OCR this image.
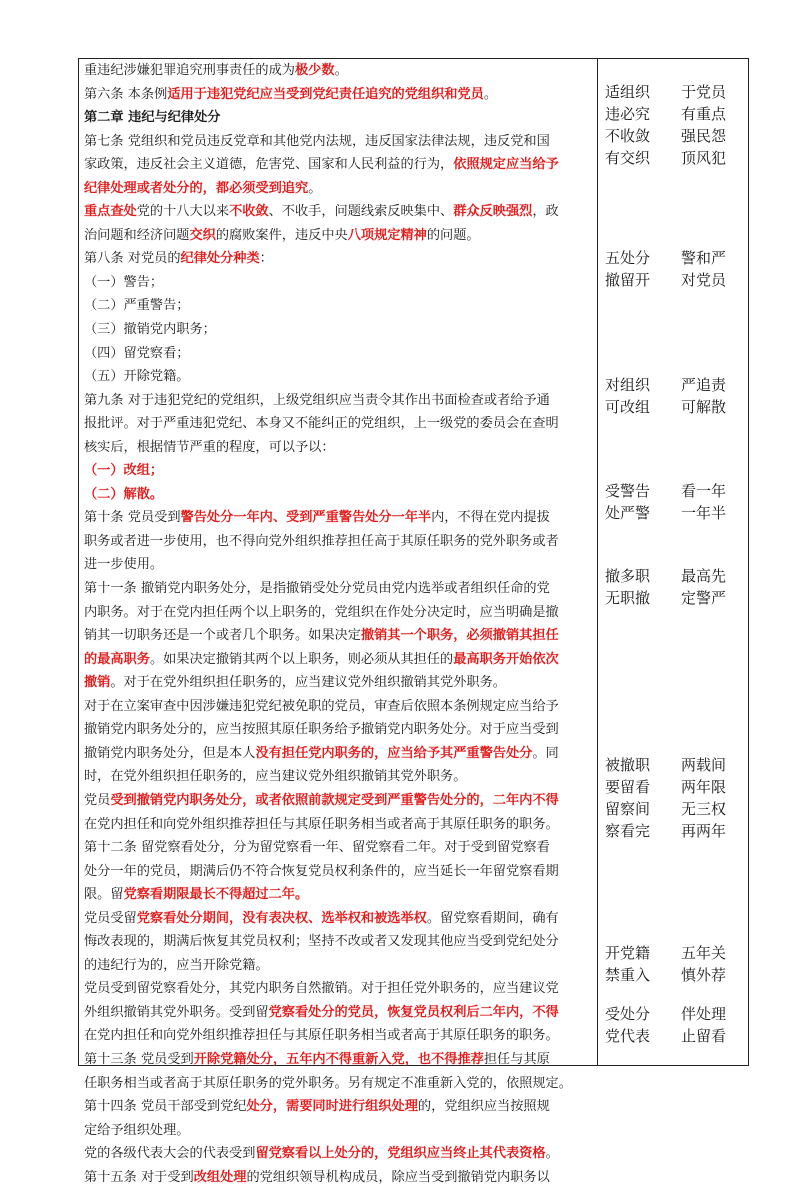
重违纪涉嫌犯罪追究刑事责任的成为极少数。
第六条 本条例适用于违犯党纪应当受到党纪责任追究的党组织和党员。
第二章 违纪与纪律处分
第七条 党组织和党员违反党章和其他党内法规，违反国家法律法规，违反党和国
家政策，违反社会主义道德，危害党、国家和人民利益的行为，依照规定应当给予
纪律处理或者处分的，都必须受到追究。
重点查处党的十八大以来不收敛、不收手，问题线索反映集中、群众反映强烈，政
治问题和经济问题交织的腐败案件，违反中央八项规定精神的问题。
第八条 对党员的纪律处分种类：
（一）警告；
（二）严重警告；
（三）撤销党内职务；
（四）留党察看；
（五）开除党籍。
第九条 对于违犯党纪的党组织，上级党组织应当责令其作出书面检查或者给予通
报批评。对于严重违犯党纪、本身又不能纠正的党组织，上一级党的委员会在查明
核实后，根据情节严重的程度，可以予以：
（一）改组；
（二）解散。
第十条 党员受到警告处分一年内、受到严重警告处分一年半内，不得在党内提拔
职务或者进一步使用，也不得向党外组织推荐担任高于其原任职务的党外职务或者
进一步使用。
第十一条 撤销党内职务处分，是指撤销受处分党员由党内选举或者组织任命的党
内职务。对于在党内担任两个以上职务的，党组织在作处分决定时，应当明确是撤
销其一切职务还是一个或者几个职务。如果决定撤销其一个职务，必须撤销其担任
的最高职务。如果决定撤销其两个以上职务，则必须从其担任的最高职务开始依次
撤销。对于在党外组织担任职务的，应当建议党外组织撤销其党外职务。
对于在立案审查中因涉嫌违犯党纪被免职的党员，审查后依照本条例规定应当给予
撤销党内职务处分的，应当按照其原任职务给予撤销党内职务处分。对于应当受到
撤销党内职务处分，但是本人没有担任党内职务的，应当给予其严重警告处分。同
时，在党外组织担任职务的，应当建议党外组织撤销其党外职务。
党员受到撤销党内职务处分，或者依照前款规定受到严重警告处分的，二年内不得
在党内担任和向党外组织推荐担任与其原任职务相当或者高于其原任职务的职务。
第十二条 留党察看处分，分为留党察看一年、留党察看二年。对于受到留党察看
处分一年的党员，期满后仍不符合恢复党员权利条件的，应当延长一年留党察看期
限。留党察看期限最长不得超过二年。
党员受留党察看处分期间，没有表决权、选举权和被选举权。留党察看期间，确有
悔改表现的，期满后恢复其党员权利；坚持不改或者又发现其他应当受到党纪处分
的违纪行为的，应当开除党籍。
党员受到留党察看处分，其党内职务自然撤销。对于担任党外职务的，应当建议党
外组织撤销其党外职务。受到留党察看处分的党员，恢复党员权利后二年内，不得
在党内担任和向党外组织推荐担任与其原任职务相当或者高于其原任职务的职务。
第十三条 党员受到开除党籍处分，五年内不得重新入党，也不得推荐担任与其原
任职务相当或者高于其原任职务的党外职务。另有规定不准重新入党的，依照规定。
第十四条 党员干部受到党纪处分，需要同时进行组织处理的，党组织应当按照规
定给予组织处理。
党的各级代表大会的代表受到留党察看以上处分的，党组织应当终止其代表资格。
第十五条 对于受到改组处理的党组织领导机构成员，除应当受到撤销党内职务以
适组织	于党员
违必究	有重点
不收敛	强民怨
有交织	顶风犯
五处分	警和严
撤留开	对党员
对组织	严追责
可改组	可解散
受警告	看一年
处严警	一年半
撤多职	最高先
无职撤	定警严
被撤职	两载间
要留看	两年限
留察间	无三权
察看完	再两年
开党籍	五年关
禁重入	慎外荐
受处分	伴处理
党代表	止留看
